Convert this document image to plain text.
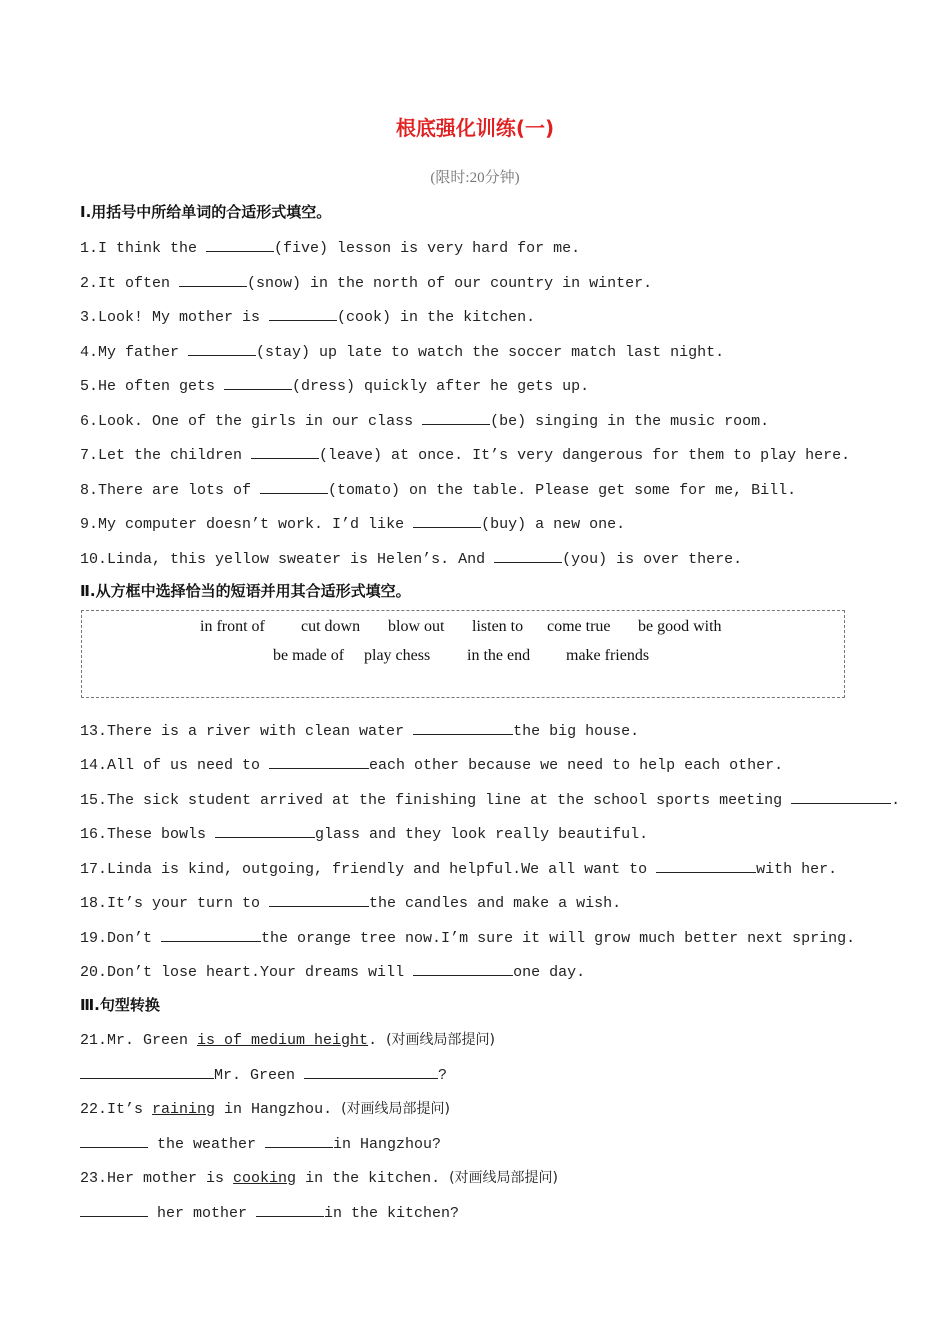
根底强化训练(一)
(限时:20分钟)
Ⅰ.用括号中所给单词的合适形式填空。
1.I think the	(five) lesson is very hard for me.
2.It often	(snow) in the north of our country in winter.
3.Look! My mother is	(cook) in the kitchen.
4.My father	(stay) up late to watch the soccer match last night.
5.He often gets	(dress) quickly after he gets up.
6.Look. One of the girls in our class	(be) singing in the music room.
7.Let the children	(leave) at once. It’s very dangerous for them to play here.
8.There are lots of	(tomato) on the table. Please get some for me, Bill.
9.My computer doesn’t work. I’d like	(buy) a new one.
10.Linda, this yellow sweater is Helen’s. And	(you) is over there.
Ⅱ.从方框中选择恰当的短语并用其合适形式填空。
in front of cut down blow out listen to come true be good with
be made of play chess in the end make friends
13.There is a river with clean water	the big house.
14.All of us need to	each other because we need to help each other.
15.The sick student arrived at the finishing line at the school sports meeting	.
16.These bowls	glass and they look really beautiful.
17.Linda is kind, outgoing, friendly and helpful.We all want to	with her.
18.It’s your turn to	the candles and make a wish.
19.Don’t	the orange tree now.I’m sure it will grow much better next spring.
20.Don’t lose heart.Your dreams will	one day.
Ⅲ.句型转换
21.Mr. Green is of medium height. (对画线局部提问)
Mr. Green	?
22.It’s raining in Hangzhou. (对画线局部提问)
the weather	in Hangzhou?
23.Her mother is cooking in the kitchen. (对画线局部提问)
her mother	in the kitchen?
